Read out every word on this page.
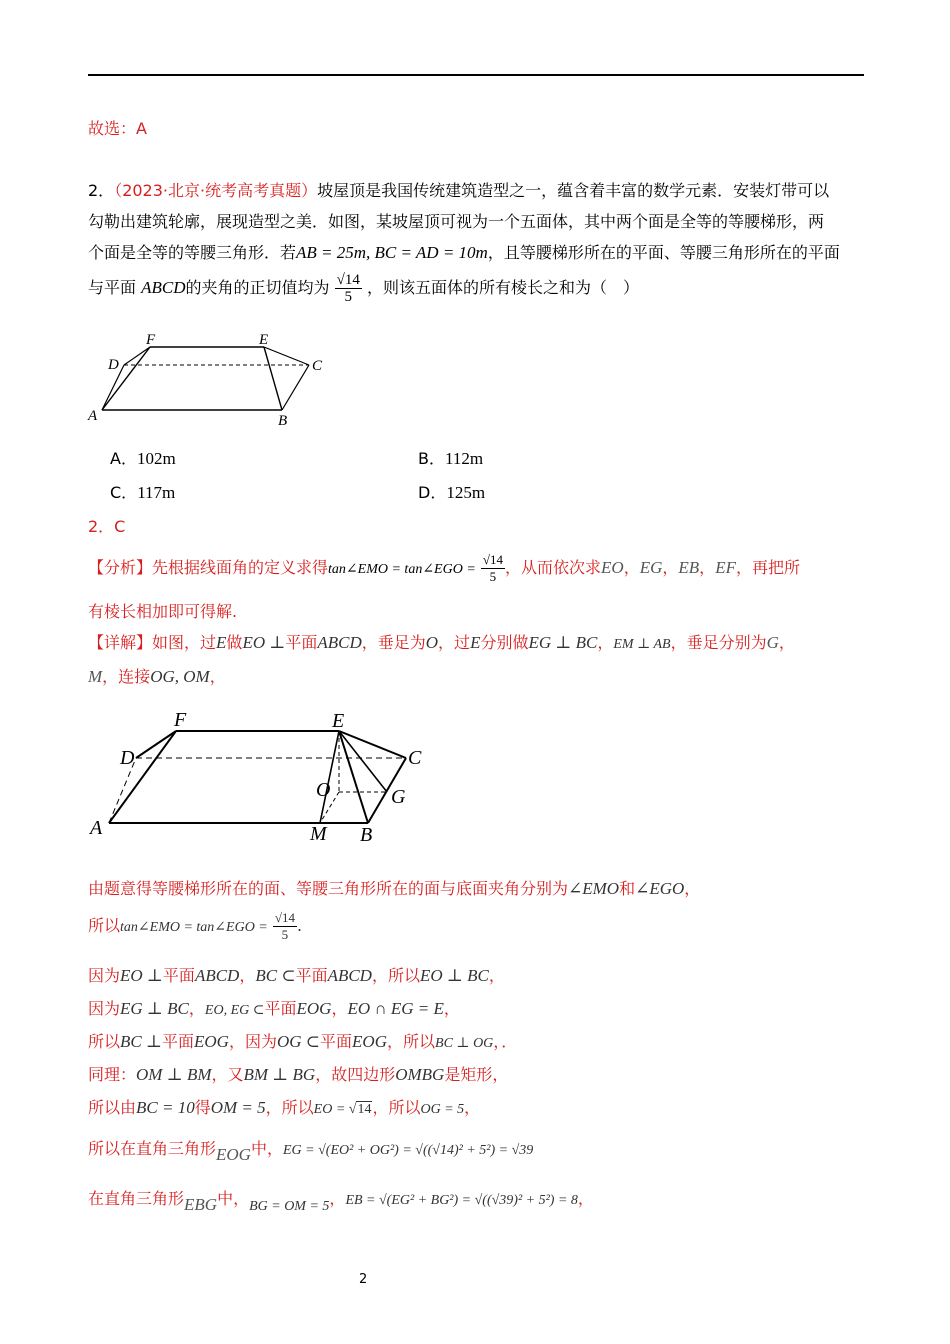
故选：A
2．（2023·北京·统考高考真题）坡屋顶是我国传统建筑造型之一，蕴含着丰富的数学元素．安装灯带可以
勾勒出建筑轮廓，展现造型之美．如图，某坡屋顶可视为一个五面体，其中两个面是全等的等腰梯形，两
个面是全等的等腰三角形．若AB = 25m, BC = AD = 10m，且等腰梯形所在的平面、等腰三角形所在的平面
与平面 ABCD的夹角的正切值均为 $\frac{√14}{5}$ ，则该五面体的所有棱长之和为（　）
F	E
D	C
A	B
A．102m	B．112m
C．117m	D．125m
2．C
【分析】先根据线面角的定义求得tan∠EMO = tan∠EGO = $\frac{√14}{5}$ ，从而依次求EO，EG，EB，EF，再把所
有棱长相加即可得解.
【详解】如图，过E做EO ⊥平面ABCD，垂足为O，过E分别做EG ⊥ BC，EM ⊥ AB，垂足分别为G，
M，连接OG, OM，
F	E
D	C
O	G
A	M B
由题意得等腰梯形所在的面、等腰三角形所在的面与底面夹角分别为∠EMO和∠EGO，
所以tan∠EMO = tan∠EGO = $\frac{√14}{5}$ .
因为EO ⊥平面ABCD，BC ⊂平面ABCD，所以EO ⊥ BC，
因为EG ⊥ BC，EO, EG ⊂平面EOG，EO ∩ EG = E，
所以BC ⊥平面EOG，因为OG ⊂平面EOG，所以BC ⊥ OG，．
同理：OM ⊥ BM，又BM ⊥ BG，故四边形OMBG是矩形，
所以由BC = 10得OM = 5，所以EO = √14，所以OG = 5，
所以在直角三角形EOG中，EG = √(EO² + OG²) = √((√14)² + 5²) = √39
在直角三角形EBG中，BG = OM = 5，EB = √(EG² + BG²) = √((√39)² + 5²) = 8，
2
